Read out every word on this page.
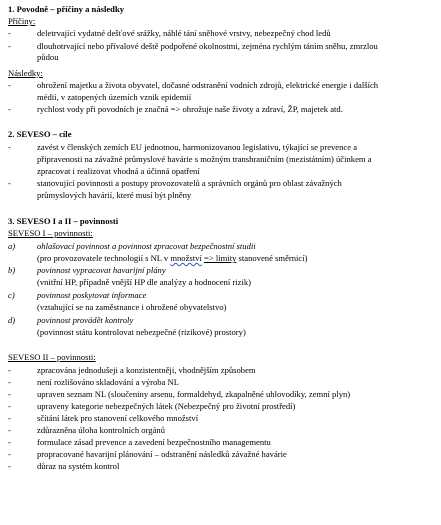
1. Povodně – příčiny a následky
Příčiny:
-	deletrvající vydatné dešťové srážky, náhlé tání sněhové vrstvy, nebezpečný chod ledů
-	dlouhotrvající nebo přívalové deště podpořené okolnostmi, zejména rychlým táním sněhu, zmrzlou
půdou
Následky:
-	ohrožení majetku a života obyvatel, dočasné odstranění vodních zdrojů, elektrické energie i dalších
médií, v zatopených územích vznik epidemií
-	rychlost vody při povodních je značná => ohrožuje naše životy a zdraví, ŽP, majetek atd.
2. SEVESO – cíle
-	zavést v členských zemích EU jednotnou, harmonizovanou legislativu, týkající se prevence a
připravenosti na závažné průmyslové havárie s možným transhraničním (mezistátním) účinkem a
zpracovat i realizovat vhodná a účinná opatření
-	stanovující povinnosti a postupy provozovatelů a správních orgánů pro oblast závažných
průmyslových havárií, které musí být plněny
3. SEVESO I a II – povinnosti
SEVESO I – povinnosti:
a)	ohlašovací povinnost a povinnost zpracovat bezpečnostní studii
(pro provozovatele technologií s NL v množství => limity stanovené směrnicí)
b)	povinnost vypracovat havarijní plány
(vnitřní HP, případně vnější HP dle analýzy a hodnocení rizik)
c)	povinnost poskytovat informace
(vztahující se na zaměstnance i ohrožené obyvatelstvo)
d)	povinnost provádět kontroly
(povinnost státu kontrolovat nebezpečné (rizikové) prostory)
SEVESO II – povinnosti:
-	zpracována jednodušeji a konzistentněji, vhodnějším způsobem
-	není rozlišováno skladování a výroba NL
-	upraven seznam NL (sloučeniny arsenu, formaldehyd, zkapalněné uhlovodíky, zemní plyn)
-	upraveny kategorie nebezpečných látek (Nebezpečný pro životní prostředí)
-	sčítání látek pro stanovení celkového množství
-	zdůrazněna úloha kontrolních orgánů
-	formulace zásad prevence a zavedení bezpečnostního managementu
-	propracované havarijní plánování – odstranění následků závažné havárie
-	důraz na systém kontrol
